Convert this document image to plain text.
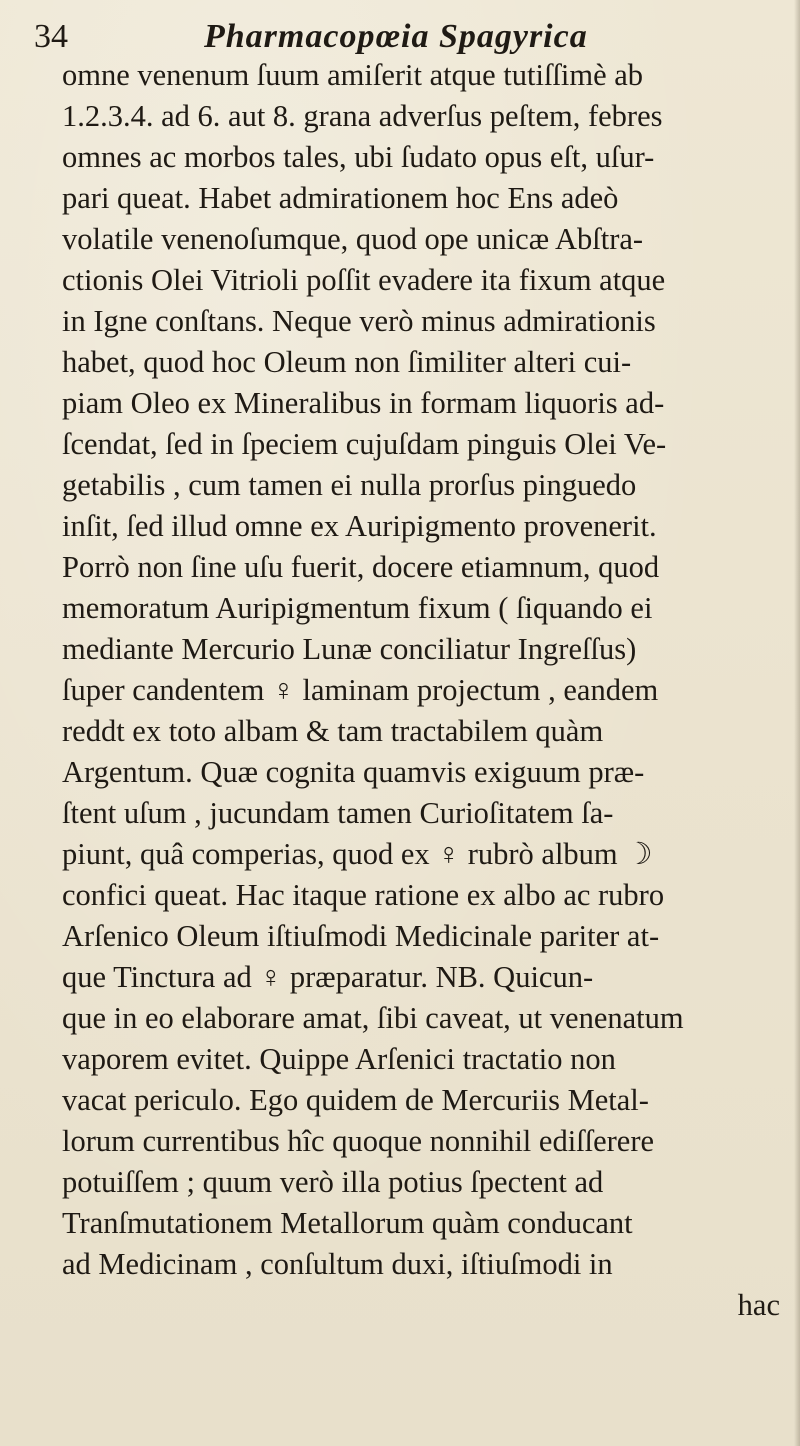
34	Pharmacopœia Spagyrica
omne venenum ſuum amiſerit atque tutiſſimè ab
1.2.3.4. ad 6. aut 8. grana adverſus peſtem, febres
omnes ac morbos tales, ubi ſudato opus eſt, uſur-
pari queat. Habet admirationem hoc Ens adeò
volatile venenoſumque, quod ope unicæ Abſtra-
ctionis Olei Vitrioli poſſit evadere ita fixum atque
in Igne conſtans. Neque verò minus admirationis
habet, quod hoc Oleum non ſimiliter alteri cui-
piam Oleo ex Mineralibus in formam liquoris ad-
ſcendat, ſed in ſpeciem cujuſdam pinguis Olei Ve-
getabilis , cum tamen ei nulla prorſus pinguedo
inſit, ſed illud omne ex Auripigmento provenerit.
Porrò non ſine uſu fuerit, docere etiamnum, quod
memoratum Auripigmentum fixum ( ſiquando ei
mediante Mercurio Lunæ conciliatur Ingreſſus)
ſuper candentem ♀ laminam projectum , eandem
reddt ex toto albam & tam tractabilem quàm
Argentum. Quæ cognita quamvis exiguum præ-
ſtent uſum , jucundam tamen Curioſitatem ſa-
piunt, quâ comperias, quod ex ♀ rubrò album ☽
confici queat. Hac itaque ratione ex albo ac rubro
Arſenico Oleum iſtiuſmodi Medicinale pariter at-
que Tinctura ad ♀ præparatur. NB. Quicun-
que in eo elaborare amat, ſibi caveat, ut venenatum
vaporem evitet. Quippe Arſenici tractatio non
vacat periculo. Ego quidem de Mercuriis Metal-
lorum currentibus hîc quoque nonnihil ediſſerere
potuiſſem ; quum verò illa potius ſpectent ad
Tranſmutationem Metallorum quàm conducant
ad Medicinam , conſultum duxi, iſtiuſmodi in
hac
